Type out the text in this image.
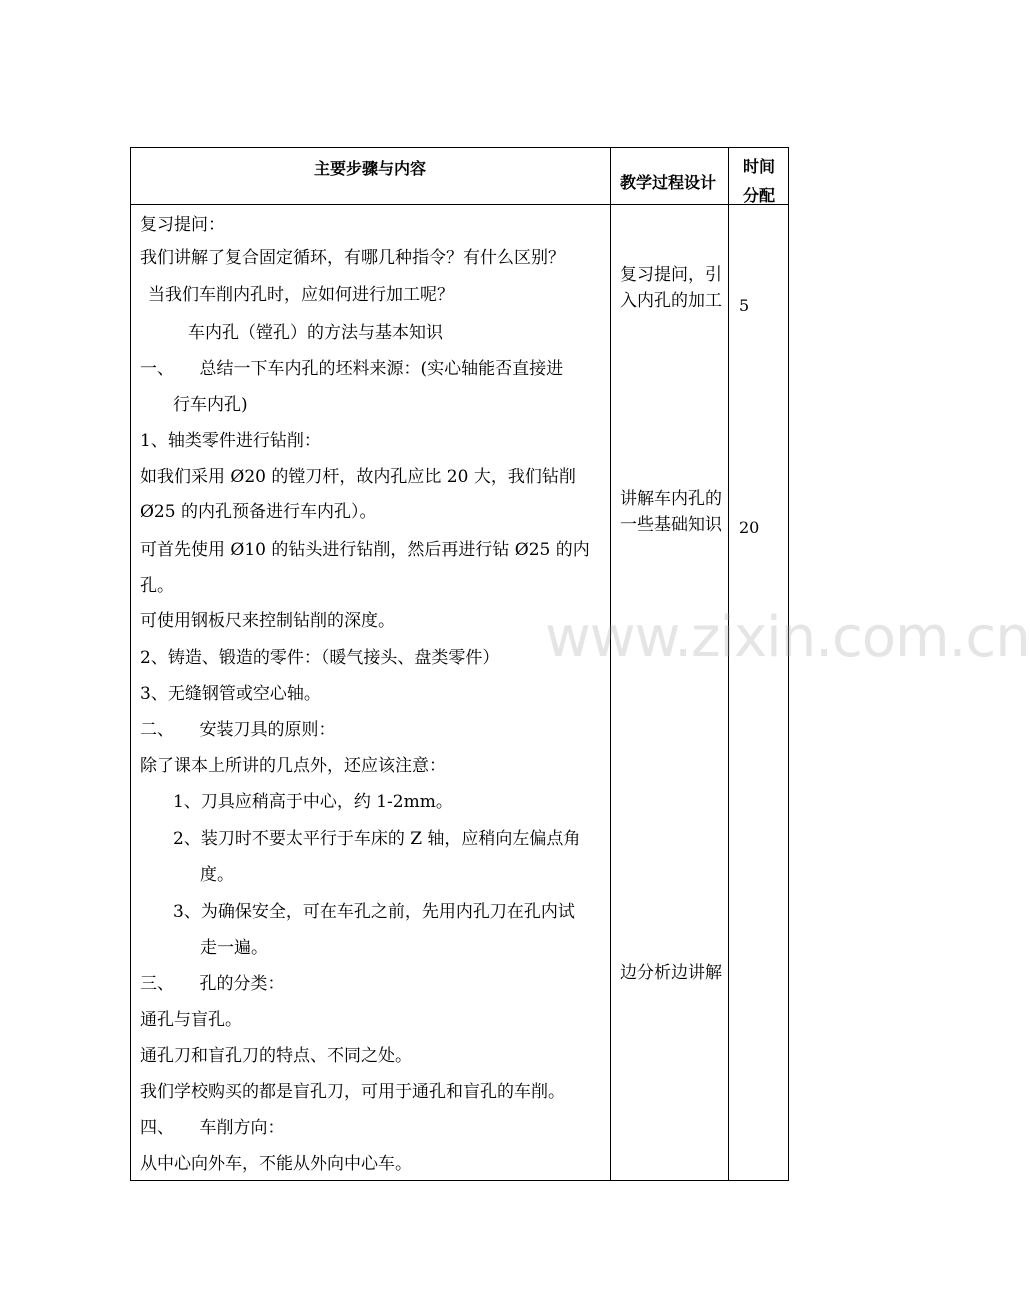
主要步骤与内容
教学过程设计
时间
分配
复习提问：
我们讲解了复合固定循环，有哪几种指令？有什么区别？
当我们车削内孔时，应如何进行加工呢？
车内孔（镗孔）的方法与基本知识
一、　　总结一下车内孔的坯料来源：(实心轴能否直接进
行车内孔)
1、轴类零件进行钻削：
如我们采用 Ø20 的镗刀杆，故内孔应比 20 大，我们钻削
Ø25 的内孔预备进行车内孔）。
可首先使用 Ø10 的钻头进行钻削，然后再进行钻 Ø25 的内
孔。
可使用钢板尺来控制钻削的深度。
2、铸造、锻造的零件：（暖气接头、盘类零件）
3、无缝钢管或空心轴。
二、　　安装刀具的原则：
除了课本上所讲的几点外，还应该注意：
1、刀具应稍高于中心，约 1-2mm。
2、装刀时不要太平行于车床的 Z 轴，应稍向左偏点角
度。
3、为确保安全，可在车孔之前，先用内孔刀在孔内试
走一遍。
三、　　孔的分类：
通孔与盲孔。
通孔刀和盲孔刀的特点、不同之处。
我们学校购买的都是盲孔刀，可用于通孔和盲孔的车削。
四、　　车削方向：
从中心向外车，不能从外向中心车。
复习提问，引入内孔的加工
讲解车内孔的一些基础知识
边分析边讲解
5
20
www.zixin.com.cn
